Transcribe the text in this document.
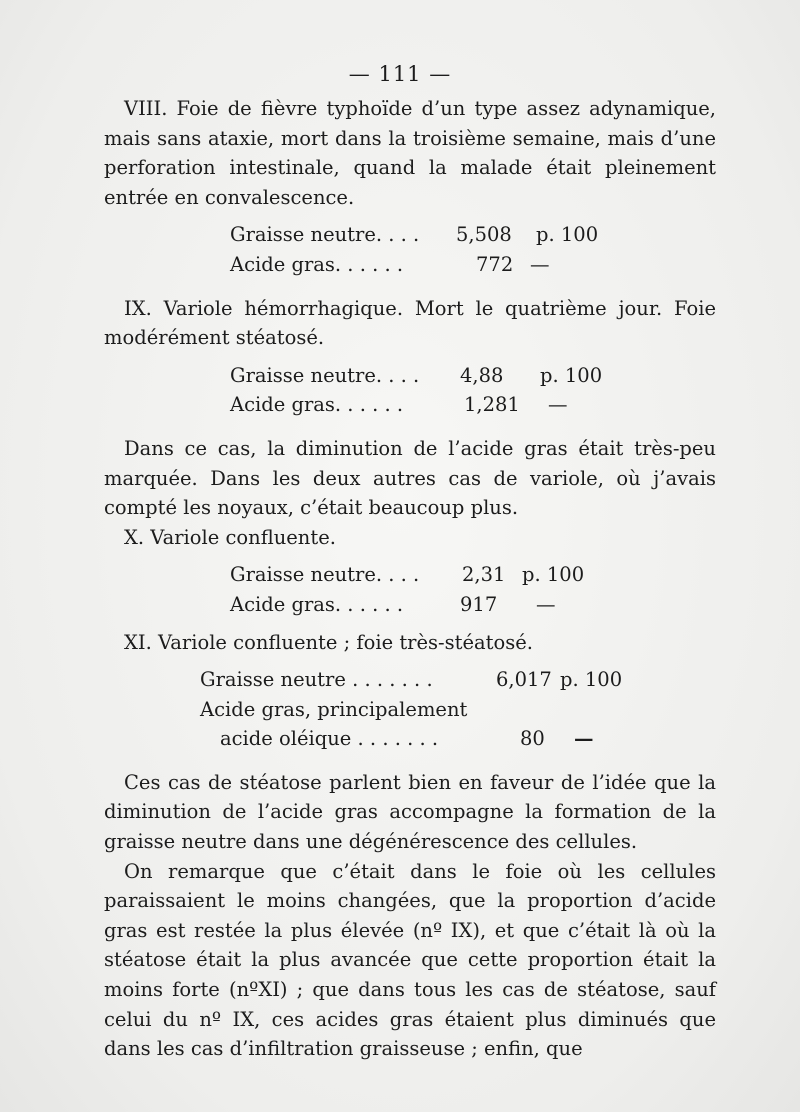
— 111 —

VIII. Foie de fièvre typhoïde d’un type assez adynamique, mais sans ataxie, mort dans la troisième semaine, mais d’une perforation intestinale, quand la malade était pleinement entrée en convalescence.

Graisse neutre. . . . 5,508 p. 100
Acide gras. . . . . .	772 —

IX. Variole hémorrhagique. Mort le quatrième jour. Foie modérément stéatosé.

Graisse neutre. . . . 4,88 p. 100
Acide gras. . . . . .	1,281 —

Dans ce cas, la diminution de l’acide gras était très-peu marquée. Dans les deux autres cas de variole, où j’avais compté les noyaux, c’était beaucoup plus.

X. Variole confluente.

Graisse neutre. . . . 2,31 p. 100
Acide gras. . . . . .	917 —

XI. Variole confluente ; foie très-stéatosé.

Graisse neutre . . . . . . .	6,017 p. 100
Acide gras, principalement
acide oléique . . . . . . .	80 —

Ces cas de stéatose parlent bien en faveur de l’idée que la diminution de l’acide gras accompagne la formation de la graisse neutre dans une dégénérescence des cellules.

On remarque que c’était dans le foie où les cellules paraissaient le moins changées, que la proportion d’acide gras est restée la plus élevée (nº IX), et que c’était là où la stéatose était la plus avancée que cette proportion était la moins forte (nºXI) ; que dans tous les cas de stéatose, sauf celui du nº IX, ces acides gras étaient plus diminués que dans les cas d’infiltration graisseuse ; enfin, que
